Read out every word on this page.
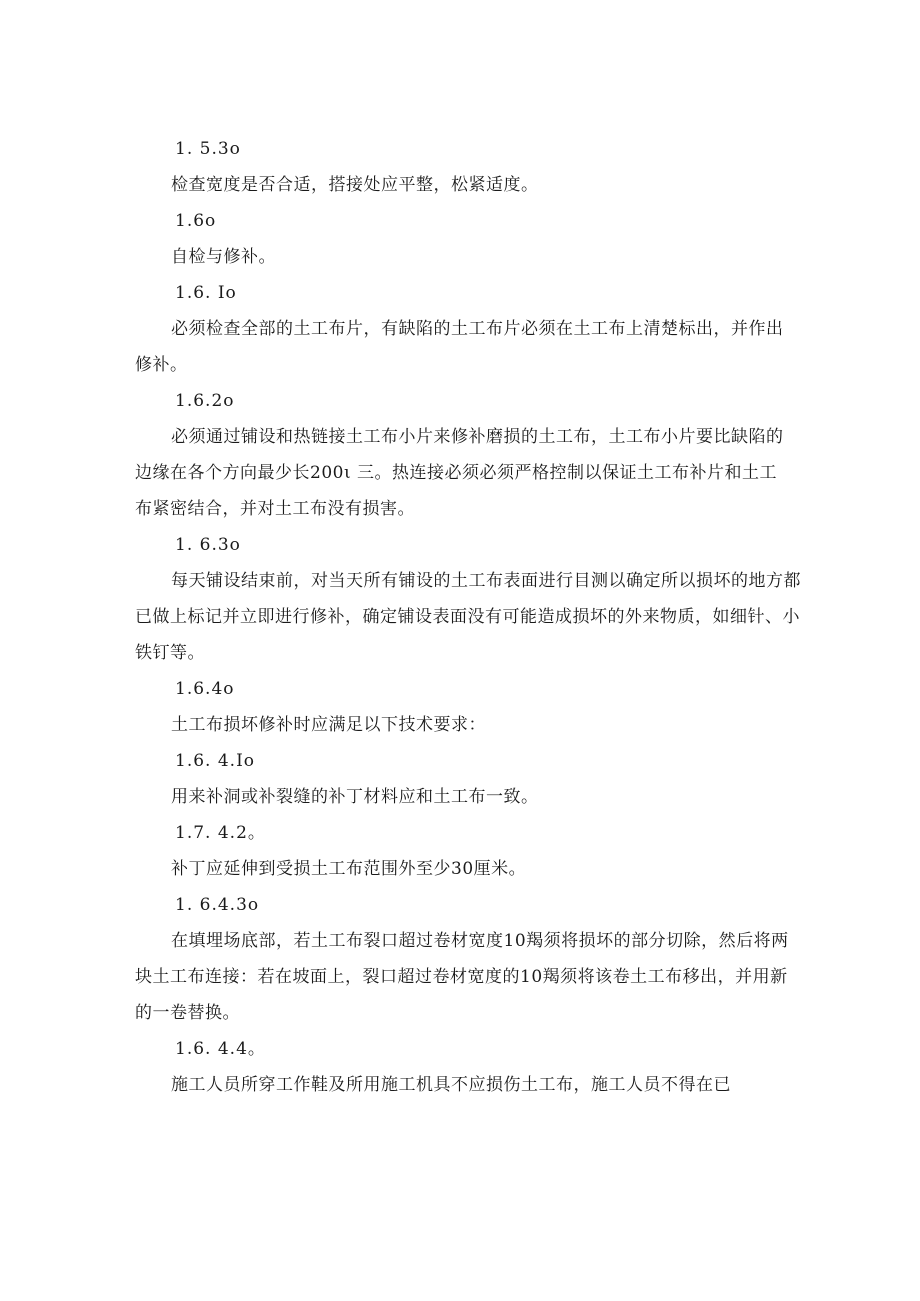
1. 5.3o
检查宽度是否合适，搭接处应平整，松紧适度。
1.6o
自检与修补。
1.6. Io
必须检查全部的土工布片，有缺陷的土工布片必须在土工布上清楚标出，并作出
修补。
1.6.2o
必须通过铺设和热链接土工布小片来修补磨损的土工布，土工布小片要比缺陷的
边缘在各个方向最少长200ι 三。热连接必须必须严格控制以保证土工布补片和土工
布紧密结合，并对土工布没有损害。
1. 6.3o
每天铺设结束前，对当天所有铺设的土工布表面进行目测以确定所以损坏的地方都
已做上标记并立即进行修补，确定铺设表面没有可能造成损坏的外来物质，如细针、小
铁钉等。
1.6.4o
土工布损坏修补时应满足以下技术要求：
1.6. 4.Io
用来补洞或补裂缝的补丁材料应和土工布一致。
1.7. 4.2。
补丁应延伸到受损土工布范围外至少30厘米。
1. 6.4.3o
在填埋场底部，若土工布裂口超过卷材宽度10羯须将损坏的部分切除，然后将两
块土工布连接：若在坡面上，裂口超过卷材宽度的10羯须将该卷土工布移出，并用新
的一卷替换。
1.6. 4.4。
施工人员所穿工作鞋及所用施工机具不应损伤土工布，施工人员不得在已
